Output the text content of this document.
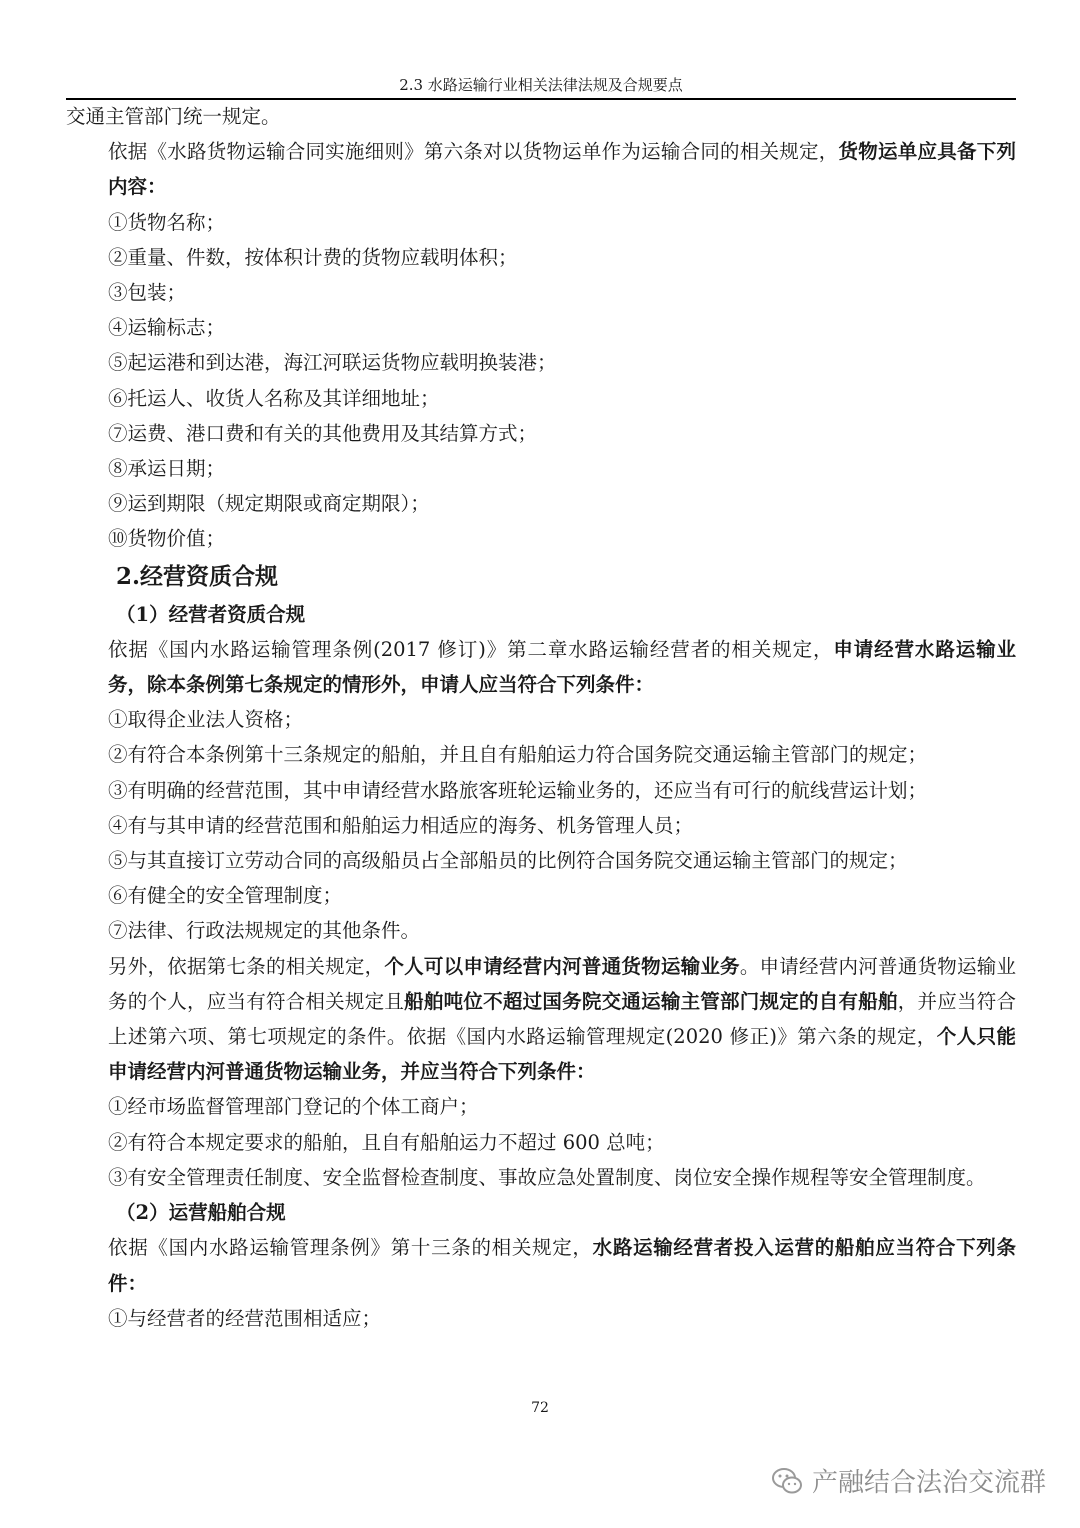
2.3 水路运输行业相关法律法规及合规要点

交通主管部门统一规定。

依据《水路货物运输合同实施细则》第六条对以货物运单作为运输合同的相关规定，货物运单应具备下列内容：

①货物名称；

②重量、件数，按体积计费的货物应载明体积；

③包装；

④运输标志；

⑤起运港和到达港，海江河联运货物应载明换装港；

⑥托运人、收货人名称及其详细地址；

⑦运费、港口费和有关的其他费用及其结算方式；

⑧承运日期；

⑨运到期限（规定期限或商定期限）；

⑩货物价值；

2.经营资质合规

（1）经营者资质合规

依据《国内水路运输管理条例(2017 修订)》第二章水路运输经营者的相关规定，申请经营水路运输业务，除本条例第七条规定的情形外，申请人应当符合下列条件：

①取得企业法人资格；

②有符合本条例第十三条规定的船舶，并且自有船舶运力符合国务院交通运输主管部门的规定；

③有明确的经营范围，其中申请经营水路旅客班轮运输业务的，还应当有可行的航线营运计划；

④有与其申请的经营范围和船舶运力相适应的海务、机务管理人员；

⑤与其直接订立劳动合同的高级船员占全部船员的比例符合国务院交通运输主管部门的规定；

⑥有健全的安全管理制度；

⑦法律、行政法规规定的其他条件。

另外，依据第七条的相关规定，个人可以申请经营内河普通货物运输业务。申请经营内河普通货物运输业务的个人，应当有符合相关规定且船舶吨位不超过国务院交通运输主管部门规定的自有船舶，并应当符合上述第六项、第七项规定的条件。依据《国内水路运输管理规定(2020 修正)》第六条的规定，个人只能申请经营内河普通货物运输业务，并应当符合下列条件：

①经市场监督管理部门登记的个体工商户；

②有符合本规定要求的船舶，且自有船舶运力不超过 600 总吨；

③有安全管理责任制度、安全监督检查制度、事故应急处置制度、岗位安全操作规程等安全管理制度。

（2）运营船舶合规

依据《国内水路运输管理条例》第十三条的相关规定，水路运输经营者投入运营的船舶应当符合下列条件：

①与经营者的经营范围相适应；

72
产融结合法治交流群
